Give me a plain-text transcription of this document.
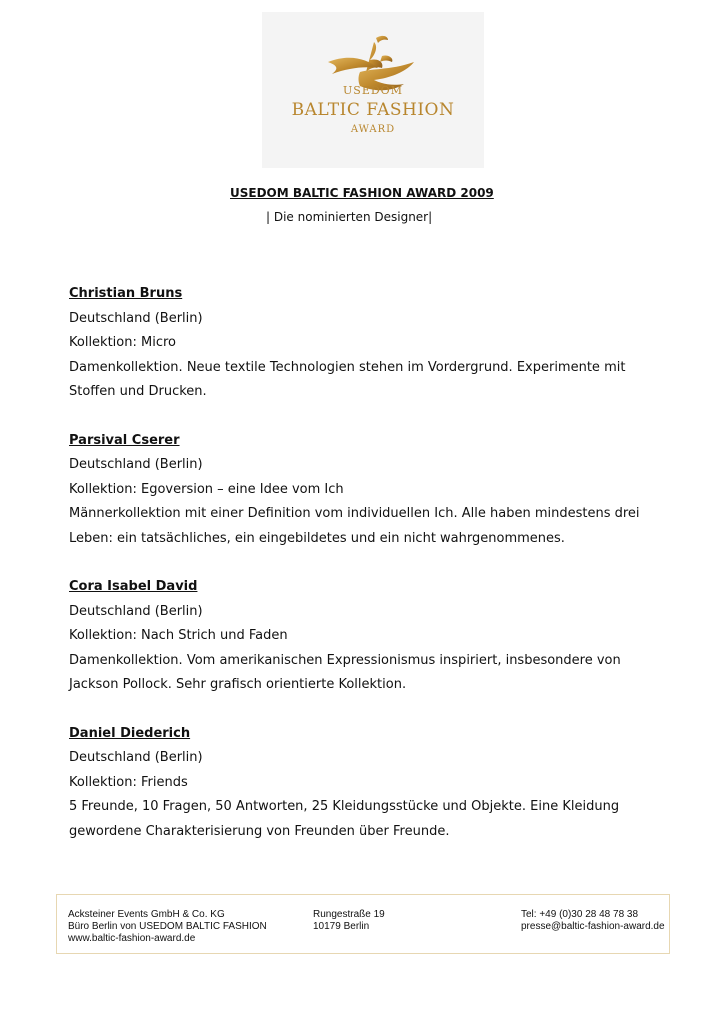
USEDOM
BALTIC FASHION
AWARD
USEDOM BALTIC FASHION AWARD 2009
| Die nominierten Designer|

Christian Bruns

Deutschland (Berlin)

Kollektion: Micro

Damenkollektion. Neue textile Technologien stehen im Vordergrund. Experimente mit

Stoffen und Drucken.

Parsival Cserer

Deutschland (Berlin)

Kollektion: Egoversion – eine Idee vom Ich

Männerkollektion mit einer Definition vom individuellen Ich. Alle haben mindestens drei

Leben: ein tatsächliches, ein eingebildetes und ein nicht wahrgenommenes.

Cora Isabel David

Deutschland (Berlin)

Kollektion: Nach Strich und Faden

Damenkollektion. Vom amerikanischen Expressionismus inspiriert, insbesondere von

Jackson Pollock. Sehr grafisch orientierte Kollektion.

Daniel Diederich

Deutschland (Berlin)

Kollektion: Friends

5 Freunde, 10 Fragen, 50 Antworten, 25 Kleidungsstücke und Objekte. Eine Kleidung

gewordene Charakterisierung von Freunden über Freunde.

Acksteiner Events GmbH & Co. KG
Büro Berlin von USEDOM BALTIC FASHION
www.baltic-fashion-award.de
Rungestraße 19
10179 Berlin
Tel: +49 (0)30 28 48 78 38
presse@baltic-fashion-award.de
